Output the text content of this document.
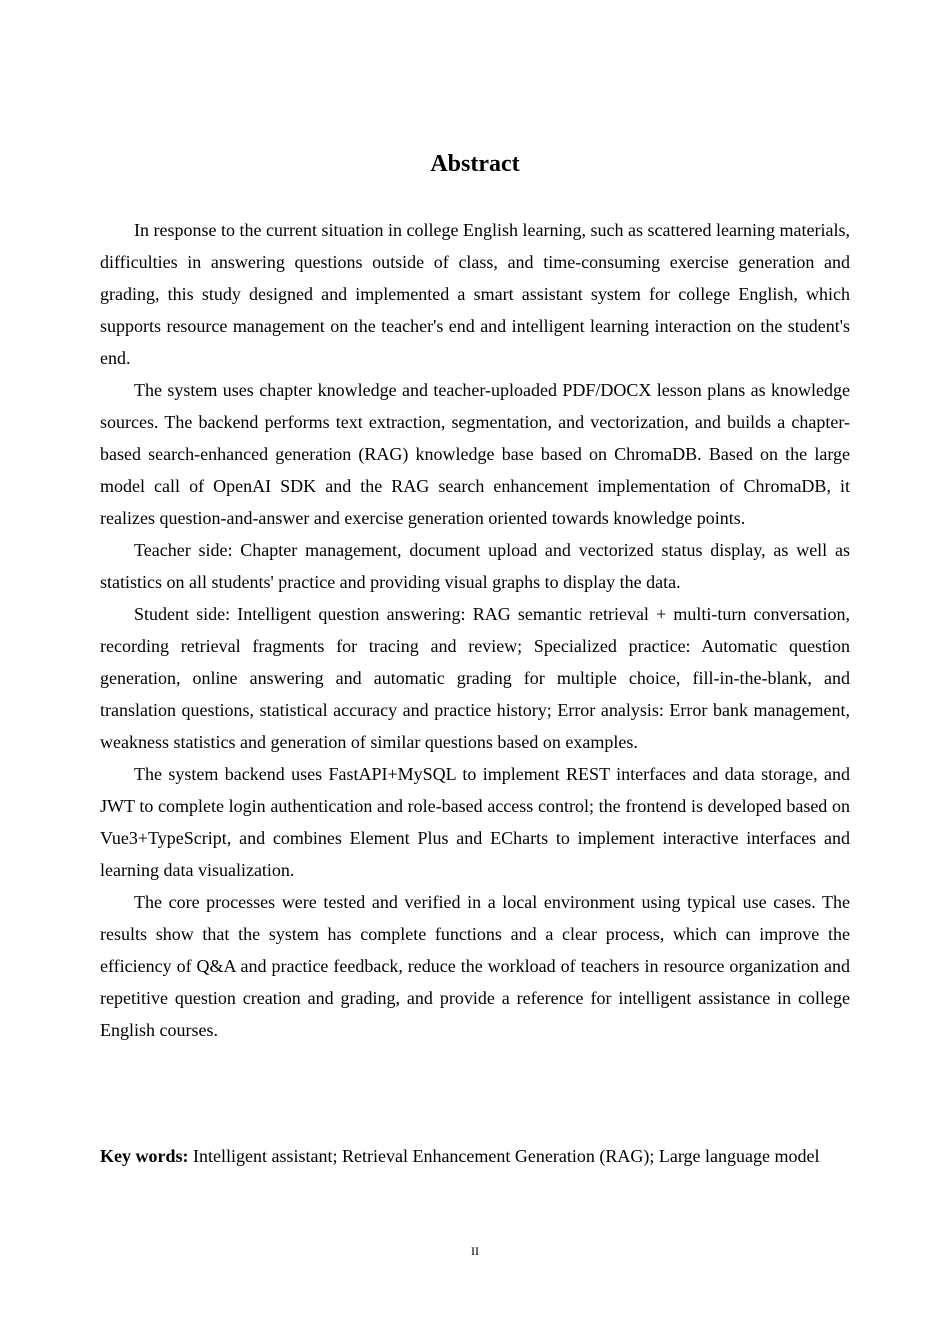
Abstract

In response to the current situation in college English learning, such as scattered learning materials, difficulties in answering questions outside of class, and time-consuming exercise generation and grading, this study designed and implemented a smart assistant system for college English, which supports resource management on the teacher's end and intelligent learning interaction on the student's end.

The system uses chapter knowledge and teacher-uploaded PDF/DOCX lesson plans as knowledge sources. The backend performs text extraction, segmentation, and vectorization, and builds a chapter-based search-enhanced generation (RAG) knowledge base based on ChromaDB. Based on the large model call of OpenAI SDK and the RAG search enhancement implementation of ChromaDB, it realizes question-and-answer and exercise generation oriented towards knowledge points.

Teacher side: Chapter management, document upload and vectorized status display, as well as statistics on all students' practice and providing visual graphs to display the data.

Student side: Intelligent question answering: RAG semantic retrieval + multi-turn conversation, recording retrieval fragments for tracing and review; Specialized practice: Automatic question generation, online answering and automatic grading for multiple choice, fill-in-the-blank, and translation questions, statistical accuracy and practice history; Error analysis: Error bank management, weakness statistics and generation of similar questions based on examples.

The system backend uses FastAPI+MySQL to implement REST interfaces and data storage, and JWT to complete login authentication and role-based access control; the frontend is developed based on Vue3+TypeScript, and combines Element Plus and ECharts to implement interactive interfaces and learning data visualization.

The core processes were tested and verified in a local environment using typical use cases. The results show that the system has complete functions and a clear process, which can improve the efficiency of Q&A and practice feedback, reduce the workload of teachers in resource organization and repetitive question creation and grading, and provide a reference for intelligent assistance in college English courses.

Key words: Intelligent assistant; Retrieval Enhancement Generation (RAG); Large language model

II
